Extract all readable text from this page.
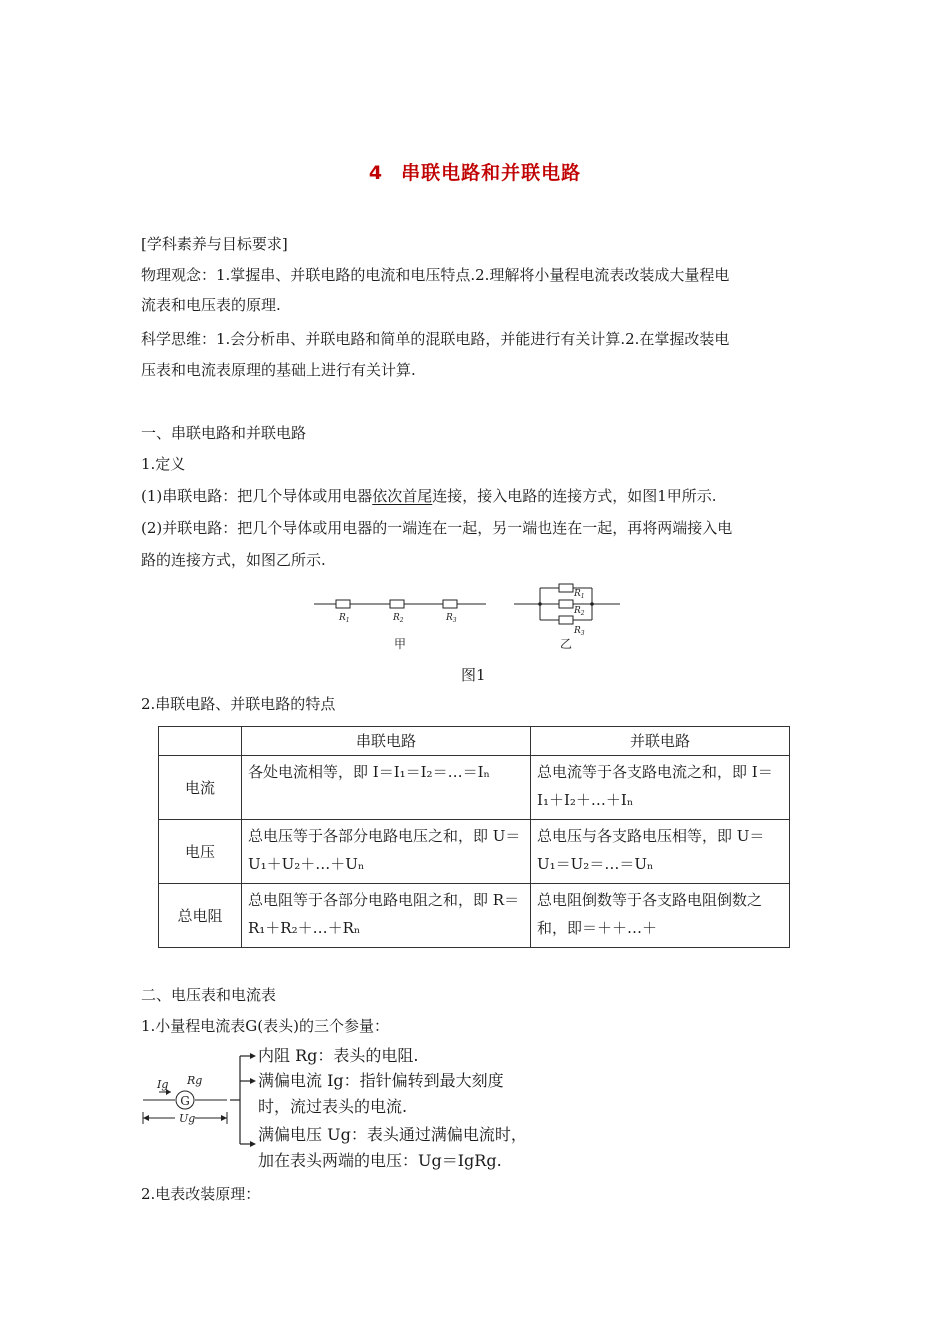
4 串联电路和并联电路
[学科素养与目标要求]
物理观念：1.掌握串、并联电路的电流和电压特点.2.理解将小量程电流表改装成大量程电
流表和电压表的原理.
科学思维：1.会分析串、并联电路和简单的混联电路，并能进行有关计算.2.在掌握改装电
压表和电流表原理的基础上进行有关计算.
一、串联电路和并联电路
1.定义
(1)串联电路：把几个导体或用电器依次首尾连接，接入电路的连接方式，如图1甲所示.
(2)并联电路：把几个导体或用电器的一端连在一起，另一端也连在一起，再将两端接入电
路的连接方式，如图乙所示.
$R_1$	$R_2$	$R_3$
$R_1$
$R_2$
$R_3$
甲	乙
图1
2.串联电路、并联电路的特点
	串联电路	并联电路
电流	各处电流相等，即 I＝I₁＝I₂＝…＝Iₙ	总电流等于各支路电流之和，即 I＝I₁＋I₂＋…＋Iₙ
电压	总电压等于各部分电路电压之和，即 U＝U₁＋U₂＋…＋Uₙ	总电压与各支路电压相等，即 U＝U₁＝U₂＝…＝Uₙ
总电阻	总电阻等于各部分电路电阻之和，即 R＝R₁＋R₂＋…＋Rₙ	总电阻倒数等于各支路电阻倒数之和，即＝＋＋…＋
二、电压表和电流表
1.小量程电流表G(表头)的三个参量：
G
Ig Rg
Ug
内阻 Rg：表头的电阻.
满偏电流 Ig：指针偏转到最大刻度
时，流过表头的电流.
满偏电压 Ug：表头通过满偏电流时，
加在表头两端的电压：Ug＝IgRg.
2.电表改装原理：
